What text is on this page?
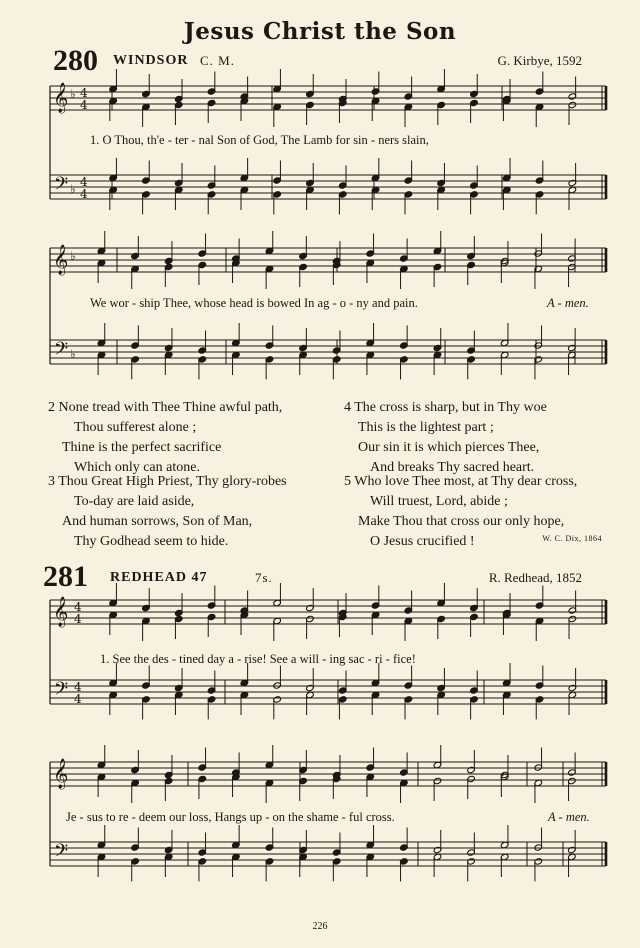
𝄞
𝄢
♭
♭
4
4
4
4
𝄞
𝄢
♭
♭
𝄞
𝄢
4
4
4
4
𝄞
𝄢
Jesus Christ the Son
280 WINDSOR C. M.	G. Kirbye, 1592
1. O Thou, th'e - ter - nal Son of God, The Lamb for sin - ners slain,
We wor - ship Thee, whose head is bowed In ag - o - ny and pain.	A - men.
2 None tread with Thee Thine awful path,
Thou sufferest alone ;
Thine is the perfect sacrifice
Which only can atone.
3 Thou Great High Priest, Thy glory-robes
To-day are laid aside,
And human sorrows, Son of Man,
Thy Godhead seem to hide.
4 The cross is sharp, but in Thy woe
This is the lightest part ;
Our sin it is which pierces Thee,
And breaks Thy sacred heart.
5 Who love Thee most, at Thy dear cross,
Will truest, Lord, abide ;
Make Thou that cross our only hope,
O Jesus crucified !	W. C. Dix, 1864
281 REDHEAD 47	7s.	R. Redhead, 1852
1. See the des - tined day a - rise! See a will - ing sac - ri - fice!
Je - sus to re - deem our loss, Hangs up - on the shame - ful cross.	A - men.
226
